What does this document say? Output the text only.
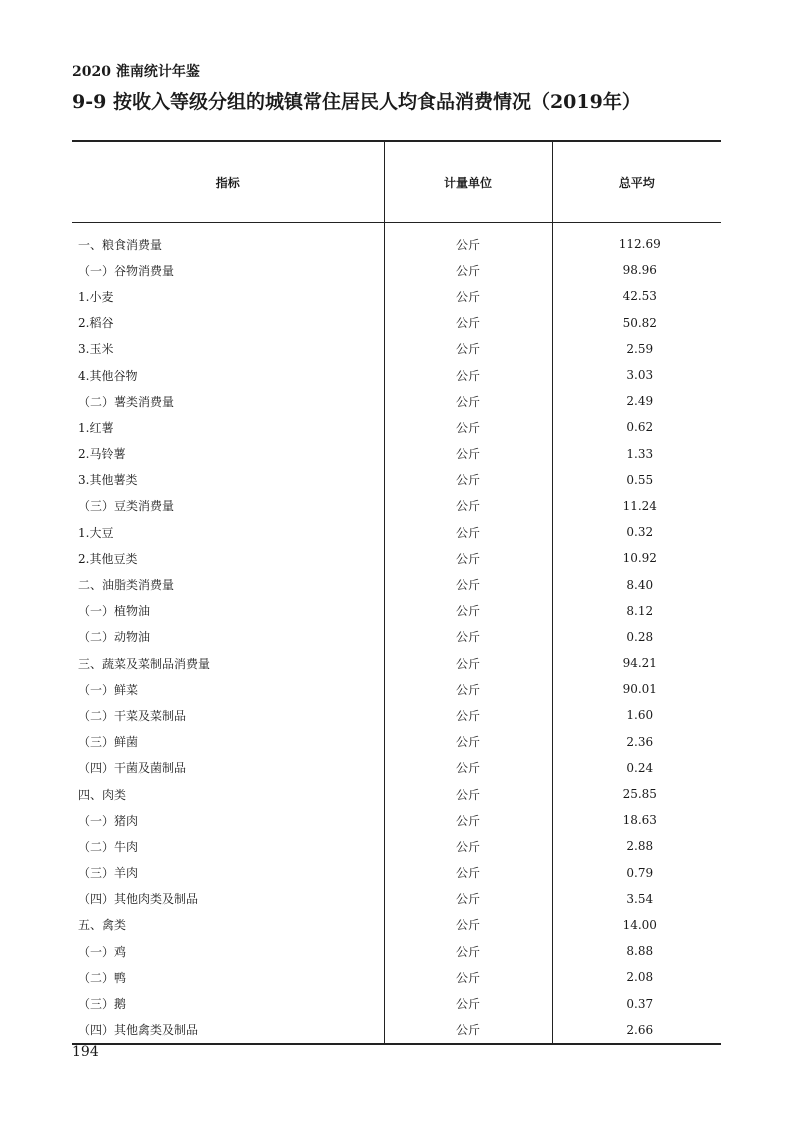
2020 淮南统计年鉴
9-9 按收入等级分组的城镇常住居民人均食品消费情况（2019年）
指标	计量单位	总平均
一、粮食消费量	公斤	112.69
（一）谷物消费量	公斤	98.96
1.小麦	公斤	42.53
2.稻谷	公斤	50.82
3.玉米	公斤	2.59
4.其他谷物	公斤	3.03
（二）薯类消费量	公斤	2.49
1.红薯	公斤	0.62
2.马铃薯	公斤	1.33
3.其他薯类	公斤	0.55
（三）豆类消费量	公斤	11.24
1.大豆	公斤	0.32
2.其他豆类	公斤	10.92
二、油脂类消费量	公斤	8.40
（一）植物油	公斤	8.12
（二）动物油	公斤	0.28
三、蔬菜及菜制品消费量	公斤	94.21
（一）鲜菜	公斤	90.01
（二）干菜及菜制品	公斤	1.60
（三）鲜菌	公斤	2.36
（四）干菌及菌制品	公斤	0.24
四、肉类	公斤	25.85
（一）猪肉	公斤	18.63
（二）牛肉	公斤	2.88
（三）羊肉	公斤	0.79
（四）其他肉类及制品	公斤	3.54
五、禽类	公斤	14.00
（一）鸡	公斤	8.88
（二）鸭	公斤	2.08
（三）鹅	公斤	0.37
（四）其他禽类及制品	公斤	2.66
194
